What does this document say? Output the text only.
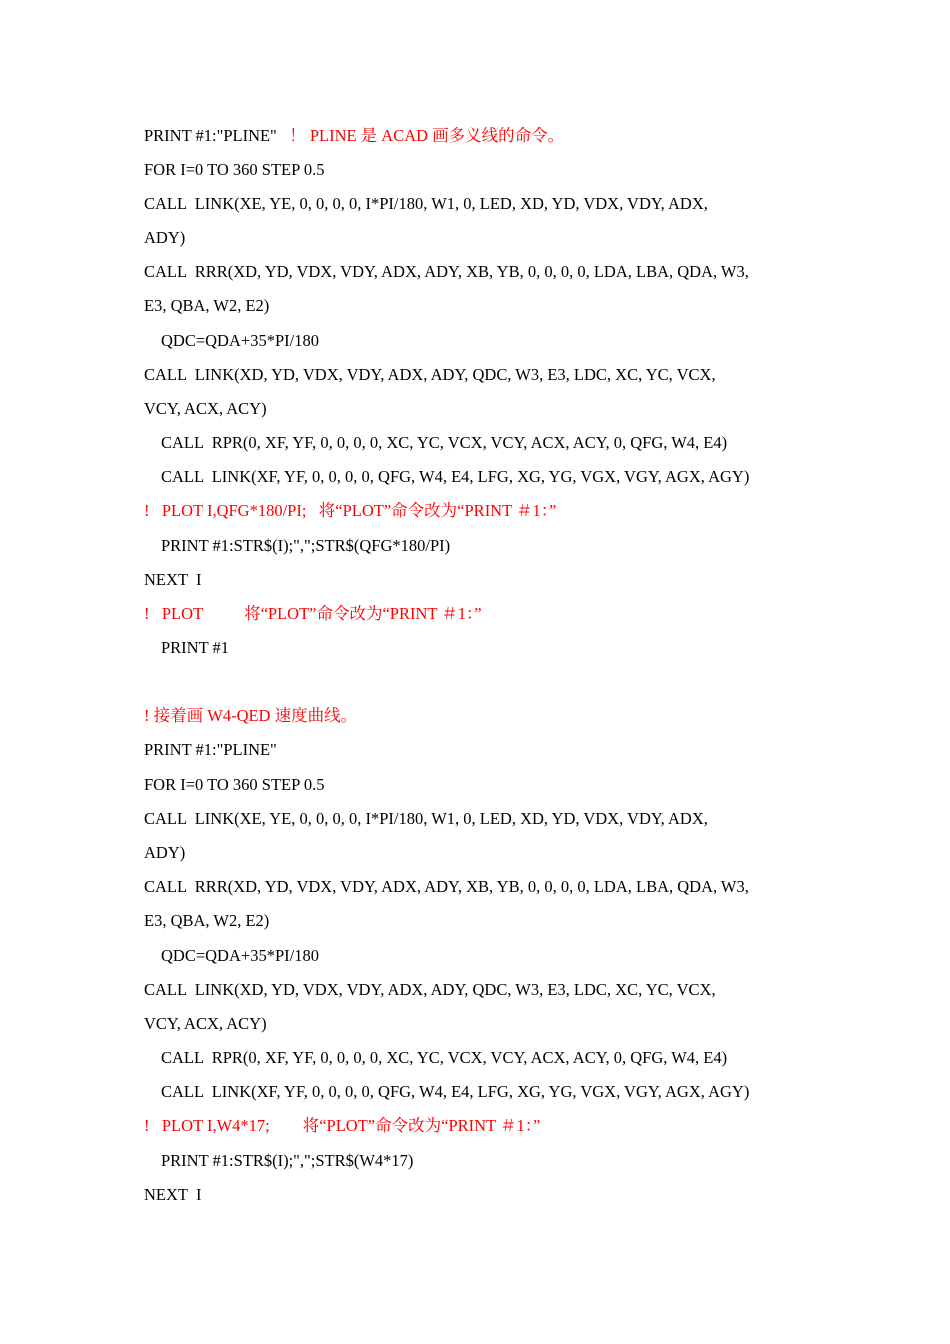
PRINT #1:"PLINE"   ！ PLINE 是 ACAD 画多义线的命令。
FOR I=0 TO 360 STEP 0.5
CALL  LINK(XE, YE, 0, 0, 0, 0, I*PI/180, W1, 0, LED, XD, YD, VDX, VDY, ADX,
ADY)
CALL  RRR(XD, YD, VDX, VDY, ADX, ADY, XB, YB, 0, 0, 0, 0, LDA, LBA, QDA, W3,
E3, QBA, W2, E2)
QDC=QDA+35*PI/180
CALL  LINK(XD, YD, VDX, VDY, ADX, ADY, QDC, W3, E3, LDC, XC, YC, VCX,
VCY, ACX, ACY)
CALL  RPR(0, XF, YF, 0, 0, 0, 0, XC, YC, VCX, VCY, ACX, ACY, 0, QFG, W4, E4)
CALL  LINK(XF, YF, 0, 0, 0, 0, QFG, W4, E4, LFG, XG, YG, VGX, VGY, AGX, AGY)
!   PLOT I,QFG*180/PI;   将“PLOT”命令改为“PRINT ＃1：”
PRINT #1:STR$(I);",";STR$(QFG*180/PI)
NEXT  I
!   PLOT          将“PLOT”命令改为“PRINT ＃1：”
PRINT #1
! 接着画 W4-QED 速度曲线。
PRINT #1:"PLINE"
FOR I=0 TO 360 STEP 0.5
CALL  LINK(XE, YE, 0, 0, 0, 0, I*PI/180, W1, 0, LED, XD, YD, VDX, VDY, ADX,
ADY)
CALL  RRR(XD, YD, VDX, VDY, ADX, ADY, XB, YB, 0, 0, 0, 0, LDA, LBA, QDA, W3,
E3, QBA, W2, E2)
QDC=QDA+35*PI/180
CALL  LINK(XD, YD, VDX, VDY, ADX, ADY, QDC, W3, E3, LDC, XC, YC, VCX,
VCY, ACX, ACY)
CALL  RPR(0, XF, YF, 0, 0, 0, 0, XC, YC, VCX, VCY, ACX, ACY, 0, QFG, W4, E4)
CALL  LINK(XF, YF, 0, 0, 0, 0, QFG, W4, E4, LFG, XG, YG, VGX, VGY, AGX, AGY)
!   PLOT I,W4*17;        将“PLOT”命令改为“PRINT ＃1：”
PRINT #1:STR$(I);",";STR$(W4*17)
NEXT  I
